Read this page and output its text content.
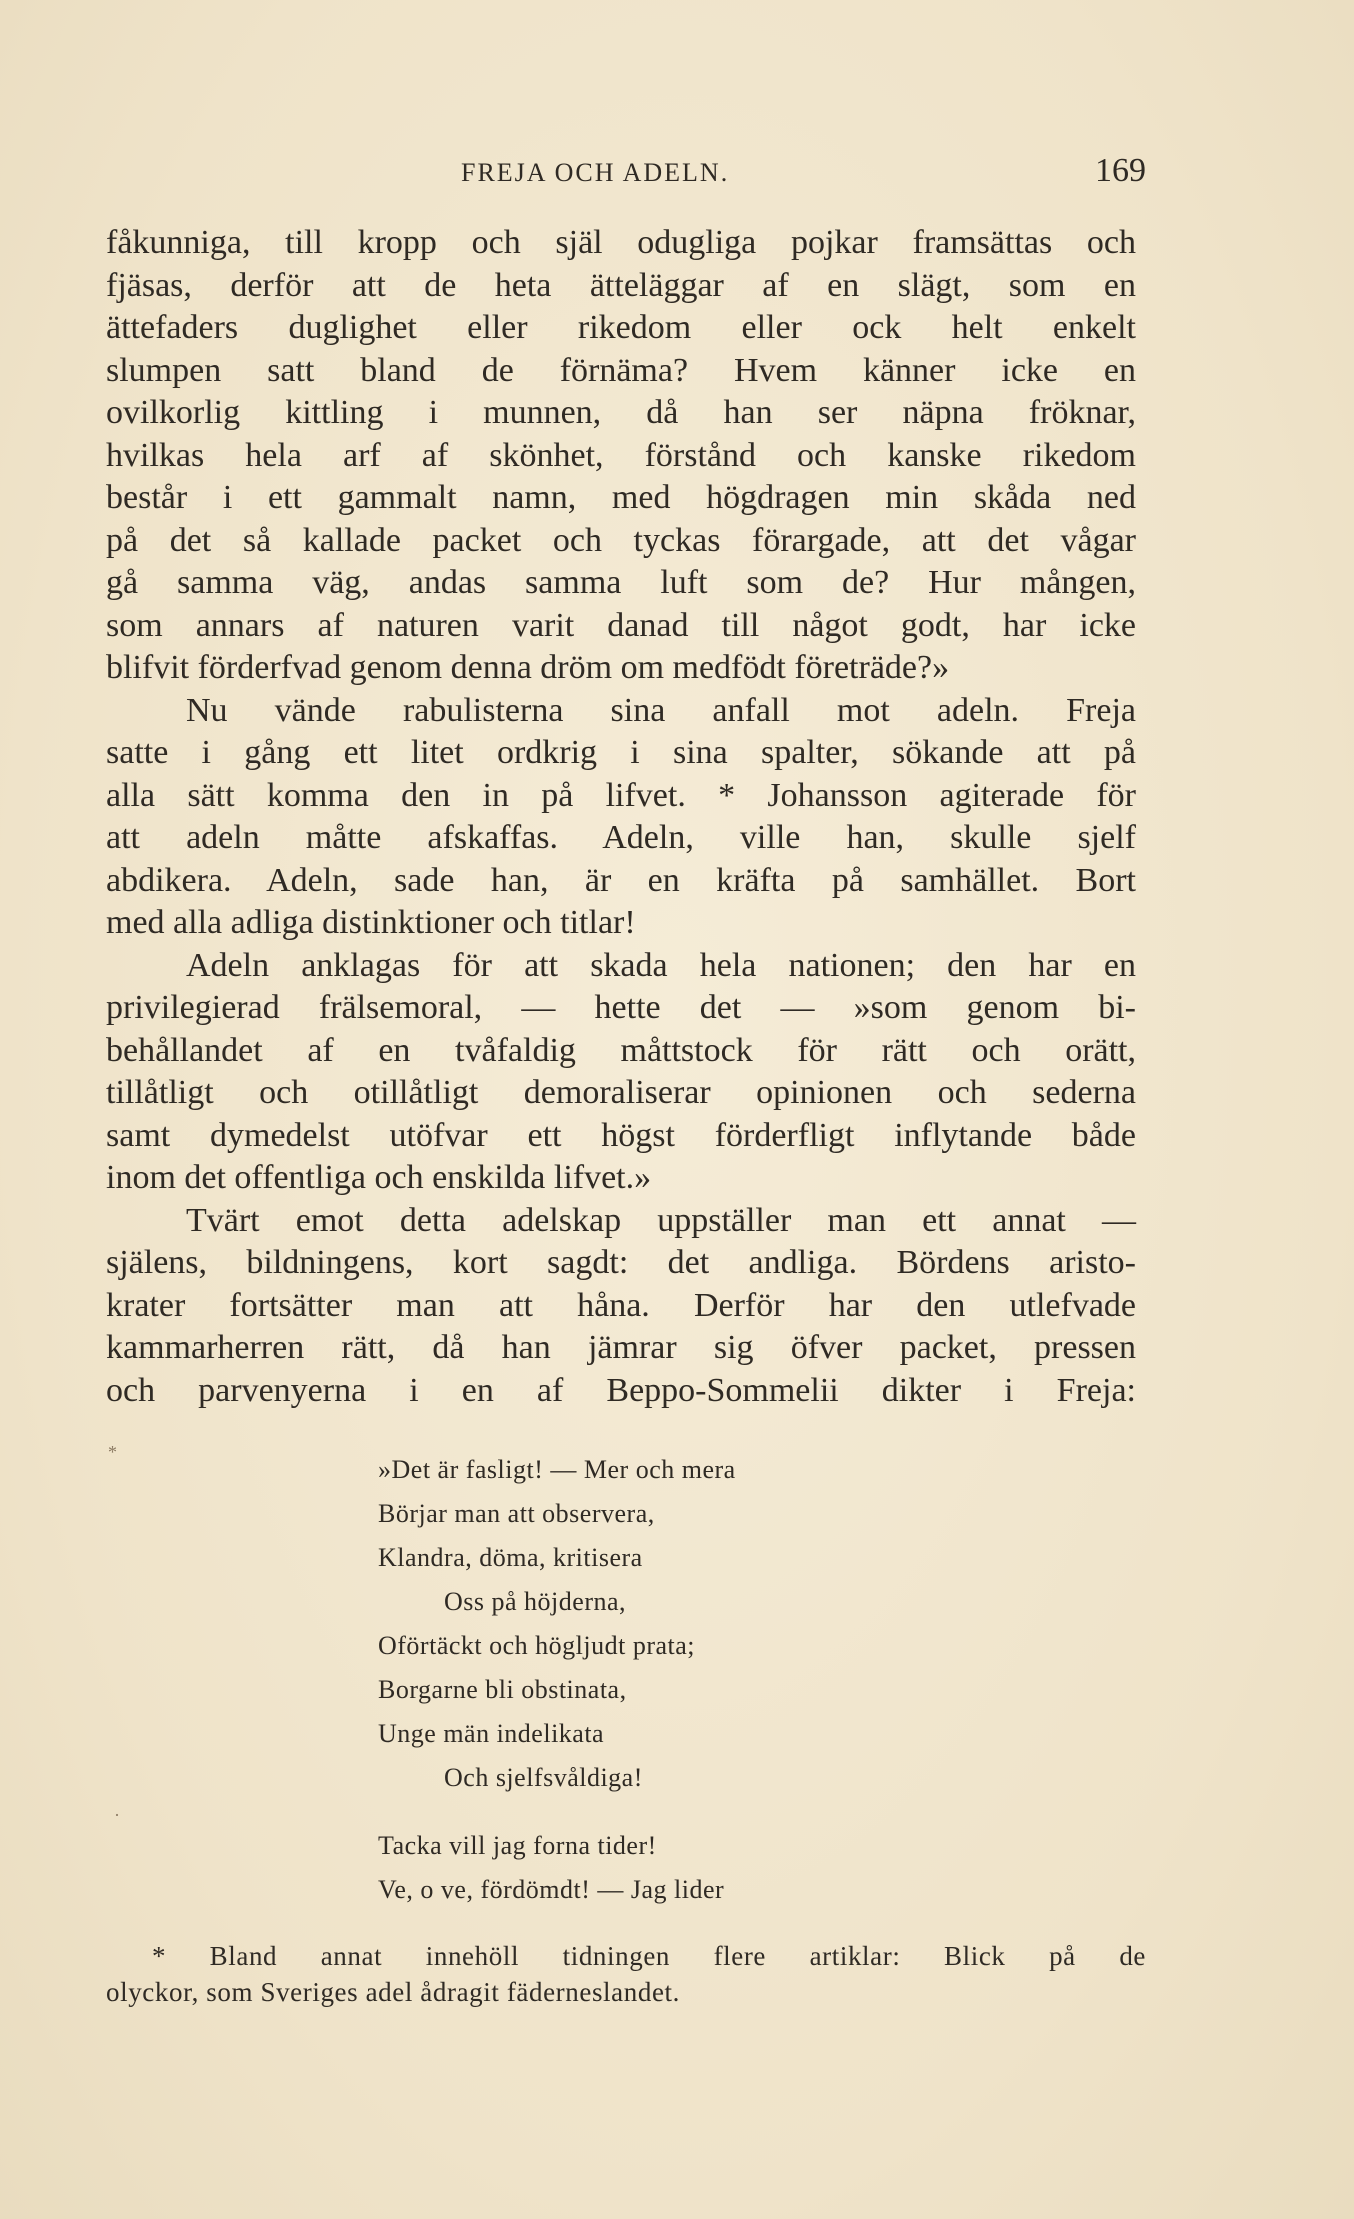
FREJA OCH ADELN.	169
fåkunniga, till kropp och själ odugliga pojkar framsättas och
fjäsas, derför att de heta ätteläggar af en slägt, som en
ättefaders duglighet eller rikedom eller ock helt enkelt
slumpen satt bland de förnäma? Hvem känner icke en
ovilkorlig kittling i munnen, då han ser näpna fröknar,
hvilkas hela arf af skönhet, förstånd och kanske rikedom
består i ett gammalt namn, med högdragen min skåda ned
på det så kallade packet och tyckas förargade, att det vågar
gå samma väg, andas samma luft som de? Hur mången,
som annars af naturen varit danad till något godt, har icke
blifvit förderfvad genom denna dröm om medfödt företräde?»
Nu vände rabulisterna sina anfall mot adeln. Freja
satte i gång ett litet ordkrig i sina spalter, sökande att på
alla sätt komma den in på lifvet. * Johansson agiterade för
att adeln måtte afskaffas. Adeln, ville han, skulle sjelf
abdikera. Adeln, sade han, är en kräfta på samhället. Bort
med alla adliga distinktioner och titlar!
Adeln anklagas för att skada hela nationen; den har en
privilegierad frälsemoral, — hette det — »som genom bi-
behållandet af en tvåfaldig måttstock för rätt och orätt,
tillåtligt och otillåtligt demoraliserar opinionen och sederna
samt dymedelst utöfvar ett högst förderfligt inflytande både
inom det offentliga och enskilda lifvet.»
Tvärt emot detta adelskap uppställer man ett annat —
själens, bildningens, kort sagdt: det andliga. Bördens aristo-
krater fortsätter man att håna. Derför har den utlefvade
kammarherren rätt, då han jämrar sig öfver packet, pressen
och parvenyerna i en af Beppo-Sommelii dikter i Freja:
»Det är fasligt! — Mer och mera
Börjar man att observera,
Klandra, döma, kritisera
Oss på höjderna,
Oförtäckt och högljudt prata;
Borgarne bli obstinata,
Unge män indelikata
Och sjelfsvåldiga!
Tacka vill jag forna tider!
Ve, o ve, fördömdt! — Jag lider
* Bland annat innehöll tidningen flere artiklar: Blick på de
olyckor, som Sveriges adel ådragit fäderneslandet.
*
·
